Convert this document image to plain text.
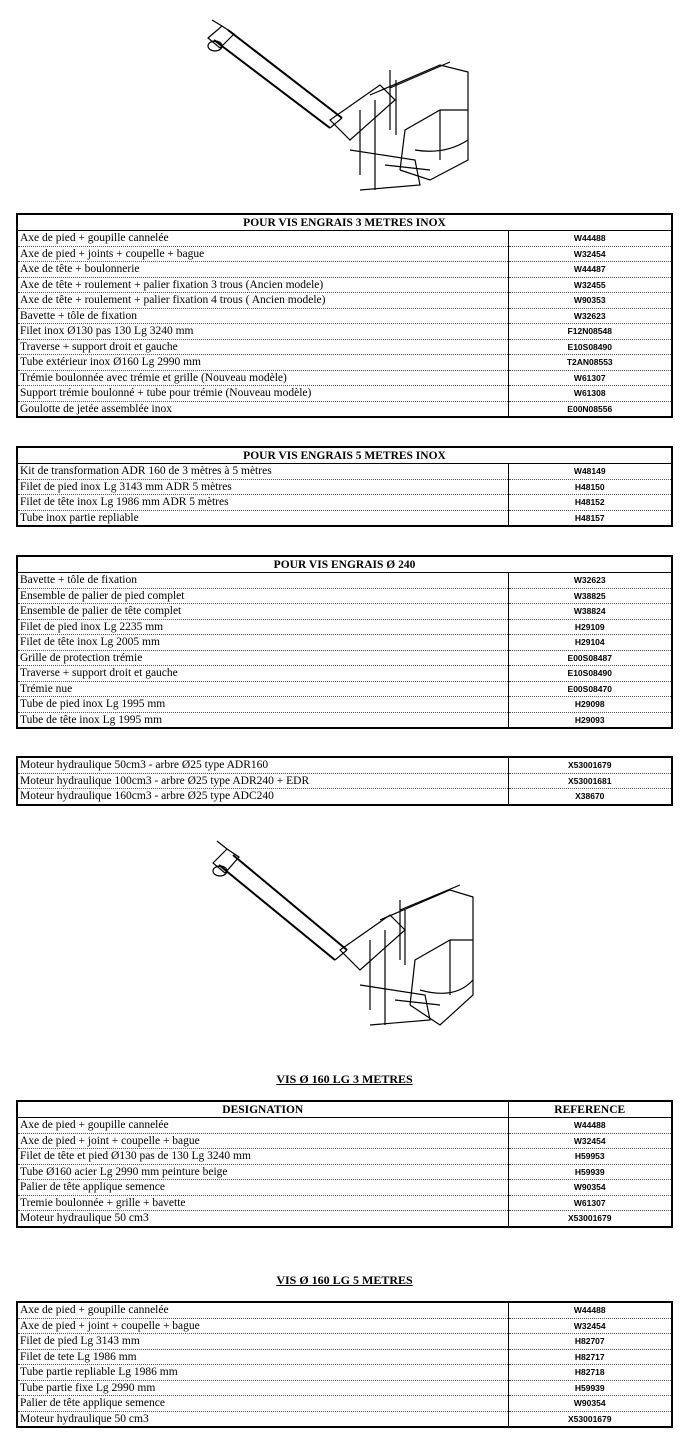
POUR VIS ENGRAIS 3 METRES INOX	
Axe de pied + goupille cannelée	W44488
Axe de pied + joints + coupelle + bague	W32454
Axe de tête + boulonnerie	W44487
Axe de tête + roulement + palier fixation 3 trous (Ancien modele)	W32455
Axe de tête + roulement + palier fixation 4 trous ( Ancien modele)	W90353
Bavette + tôle de fixation	W32623
Filet inox Ø130 pas 130 Lg 3240 mm	F12N08548
Traverse + support droit et gauche	E10S08490
Tube extérieur inox Ø160 Lg 2990 mm	T2AN08553
Trémie boulonnée avec trémie et grille (Nouveau modèle)	W61307
Support trémie boulonné + tube pour trémie (Nouveau modèle)	W61308
Goulotte de jetée assemblée inox	E00N08556
POUR VIS ENGRAIS 5 METRES INOX	
Kit de transformation ADR 160 de 3 mètres à 5 mètres	W48149
Filet de pied inox Lg 3143 mm ADR 5 mètres	H48150
Filet de tête inox Lg 1986 mm ADR 5 mètres	H48152
Tube inox partie repliable	H48157
POUR VIS ENGRAIS Ø 240	
Bavette + tôle de fixation	W32623
Ensemble de palier de pied complet	W38825
Ensemble de palier de tête complet	W38824
Filet de pied inox Lg 2235 mm	H29109
Filet de tête inox Lg 2005 mm	H29104
Grille de protection trémie	E00S08487
Traverse + support droit et gauche	E10S08490
Trémie nue	E00S08470
Tube de pied inox Lg 1995 mm	H29098
Tube de tête inox Lg 1995 mm	H29093
Moteur hydraulique 50cm3 - arbre Ø25 type ADR160	X53001679
Moteur hydraulique 100cm3 - arbre Ø25 type ADR240 + EDR	X53001681
Moteur hydraulique 160cm3 - arbre Ø25 type ADC240	X38670
VIS Ø 160 LG 3 METRES
DESIGNATION	REFERENCE
Axe de pied + goupille cannelée	W44488
Axe de pied + joint + coupelle + bague	W32454
Filet de tête et pied Ø130 pas de 130 Lg 3240 mm	H59953
Tube Ø160 acier Lg 2990 mm peinture beige	H59939
Palier de tête applique semence	W90354
Tremie boulonnée + grille + bavette	W61307
Moteur hydraulique 50 cm3	X53001679
VIS Ø 160 LG 5 METRES
Axe de pied + goupille cannelée	W44488
Axe de pied + joint + coupelle + bague	W32454
Filet de pied Lg 3143 mm	H82707
Filet de tete Lg 1986 mm	H82717
Tube partie repliable Lg 1986 mm	H82718
Tube partie fixe Lg 2990 mm	H59939
Palier de tête applique semence	W90354
Moteur hydraulique 50 cm3	X53001679
